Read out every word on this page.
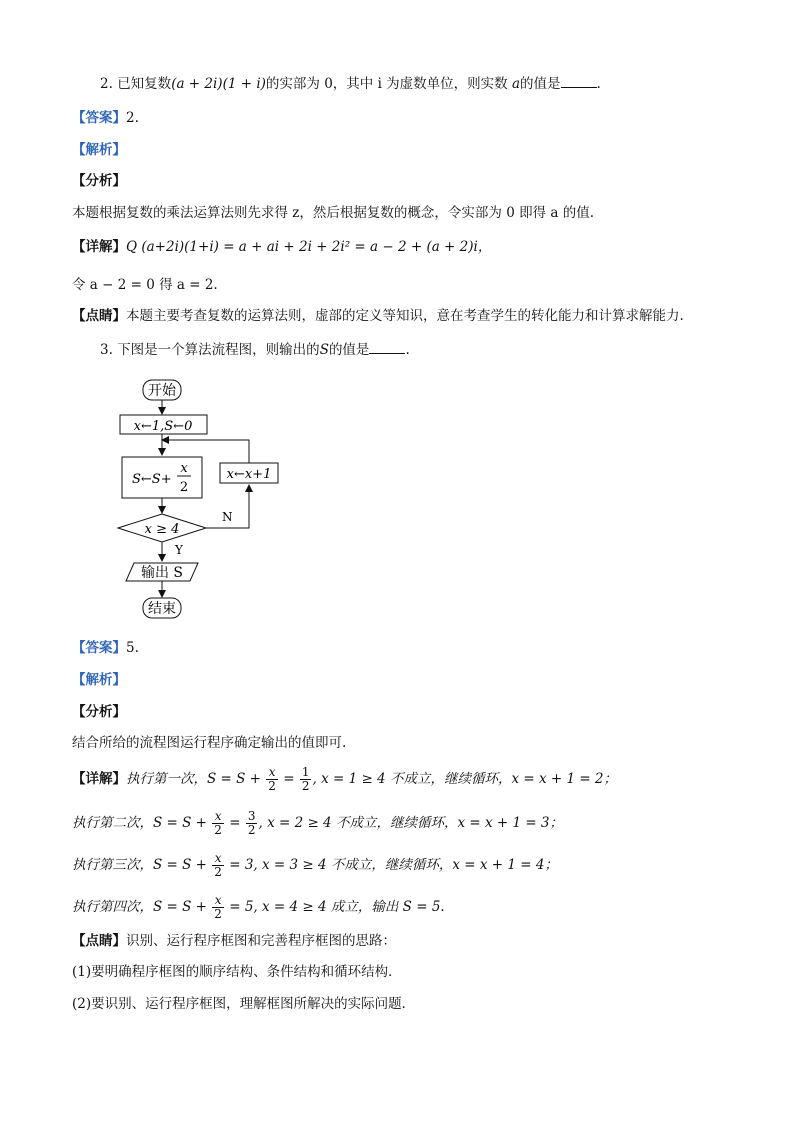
2. 已知复数(a + 2i)(1 + i)的实部为 0，其中 i 为虚数单位，则实数 a的值是	.
【答案】2.
【解析】
【分析】
本题根据复数的乘法运算法则先求得 z，然后根据复数的概念，令实部为 0 即得 a 的值.
【详解】Q (a+2i)(1+i) = a + ai + 2i + 2i² = a − 2 + (a + 2)i，
令 a − 2 = 0 得 a = 2.
【点睛】本题主要考查复数的运算法则，虚部的定义等知识，意在考查学生的转化能力和计算求解能力.
3. 下图是一个算法流程图，则输出的S的值是	.
开始
x←1,S←0
S←S+
x
2
x←x+1
x ≥ 4
N
Y
输出 S
结束
【答案】5.
【解析】
【分析】
结合所给的流程图运行程序确定输出的值即可.
【详解】执行第一次，$S = S + \frac{x}{2} = \frac{1}{2}$ , x = 1 ≥ 4 不成立，继续循环，x = x + 1 = 2；
执行第二次，$S = S + \frac{x}{2} = \frac{3}{2}$ , x = 2 ≥ 4 不成立，继续循环，x = x + 1 = 3；
执行第三次，$S = S + \frac{x}{2} = 3$, x = 3 ≥ 4 不成立，继续循环，x = x + 1 = 4；
执行第四次，$S = S + \frac{x}{2} = 5$, x = 4 ≥ 4 成立，输出 S = 5.
【点睛】识别、运行程序框图和完善程序框图的思路：
(1)要明确程序框图的顺序结构、条件结构和循环结构．
(2)要识别、运行程序框图，理解框图所解决的实际问题．
